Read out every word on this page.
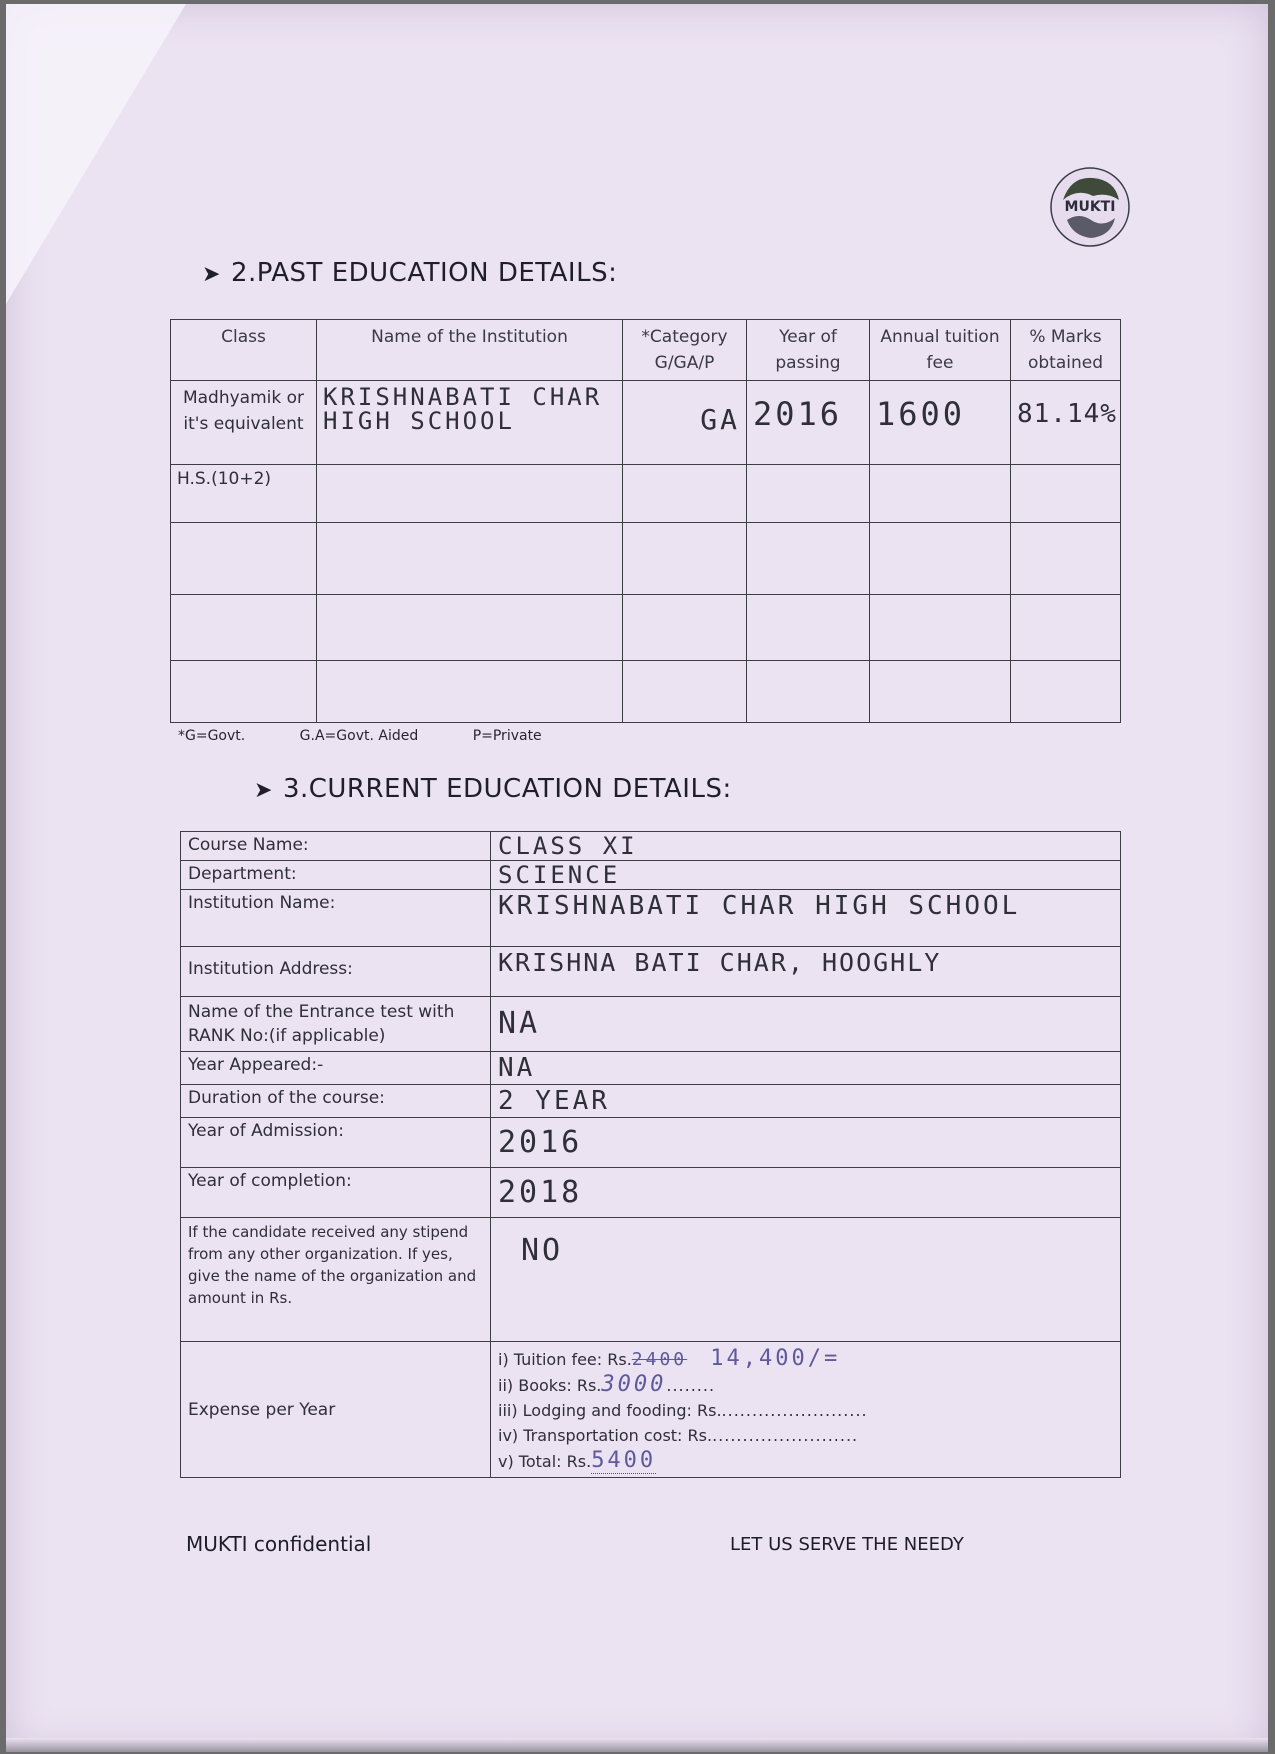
MUKTI
➤ 2.PAST EDUCATION DETAILS:
Class	Name of the Institution	*Category G/GA/P	Year of passing	Annual tuition fee	% Marks obtained
Madhyamik or it's equivalent	KRISHNABATI CHAR HIGH SCHOOL	GA	2016	1600	81.14%
H.S.(10+2)					

*G=Govt.	G.A=Govt. Aided	P=Private
➤ 3.CURRENT EDUCATION DETAILS:
Course Name:	CLASS XI
Department:	SCIENCE
Institution Name:	KRISHNABATI CHAR HIGH SCHOOL
Institution Address:	KRISHNA BATI CHAR, HOOGHLY
Name of the Entrance test with RANK No:(if applicable)	NA
Year Appeared:-	NA
Duration of the course:	2 YEAR
Year of Admission:	2016
Year of completion:	2018
If the candidate received any stipend from any other organization. If yes, give the name of the organization and amount in Rs.	NO
Expense per Year	i) Tuition fee: Rs.2400 14,400/=
ii) Books: Rs.3000........
iii) Lodging and fooding: Rs.........................
iv) Transportation cost: Rs.........................
v) Total: Rs.5400
MUKTI confidential	LET US SERVE THE NEEDY
